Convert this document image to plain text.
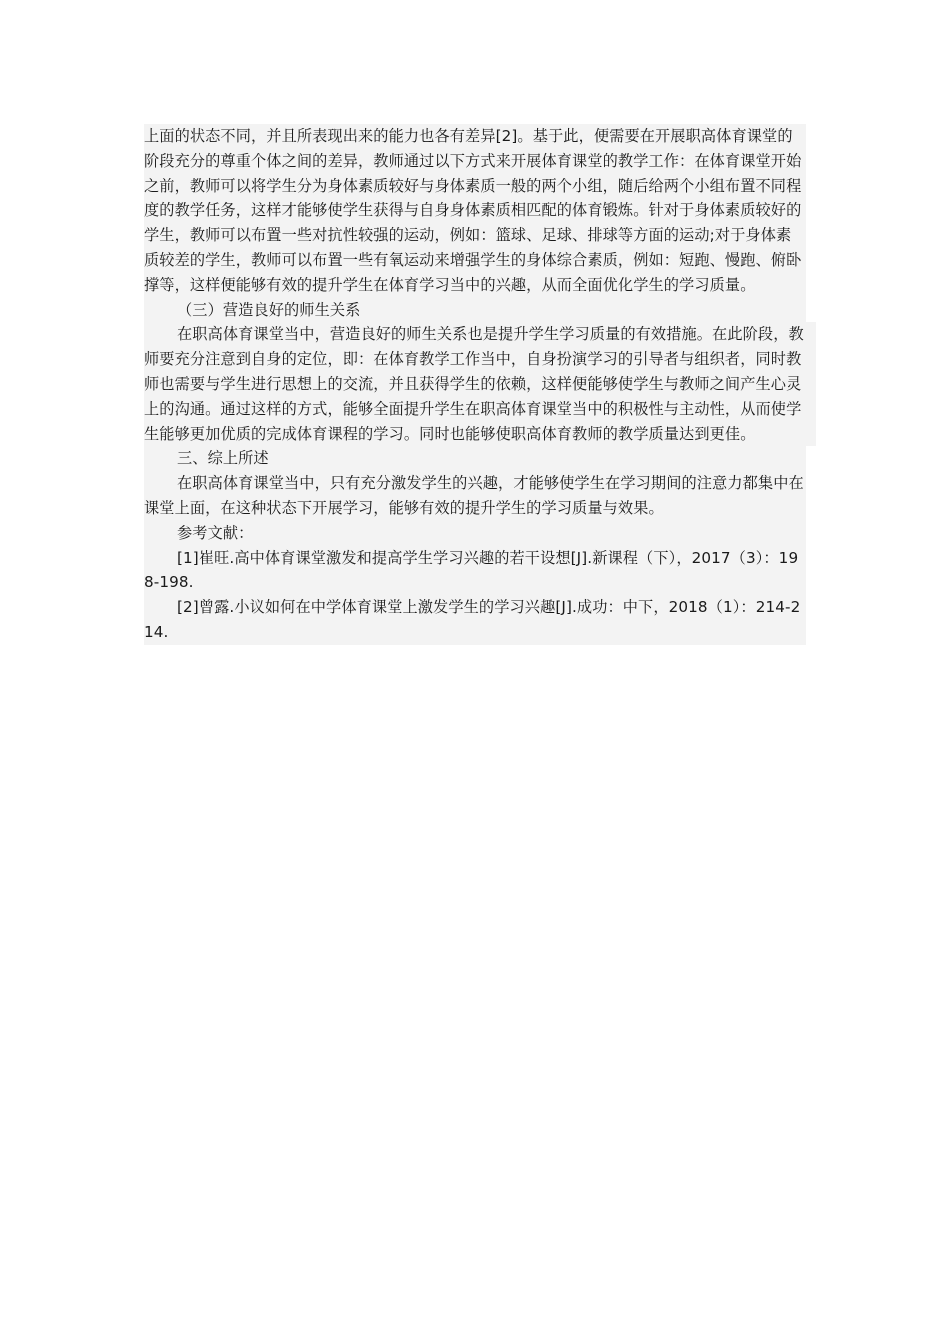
上面的状态不同，并且所表现出来的能力也各有差异[2]。基于此，便需要在开展职高体育课堂的阶段充分的尊重个体之间的差异，教师通过以下方式来开展体育课堂的教学工作：在体育课堂开始之前，教师可以将学生分为身体素质较好与身体素质一般的两个小组，随后给两个小组布置不同程度的教学任务，这样才能够使学生获得与自身身体素质相匹配的体育锻炼。针对于身体素质较好的学生，教师可以布置一些对抗性较强的运动，例如：篮球、足球、排球等方面的运动;对于身体素质较差的学生，教师可以布置一些有氧运动来增强学生的身体综合素质，例如：短跑、慢跑、俯卧撑等，这样便能够有效的提升学生在体育学习当中的兴趣，从而全面优化学生的学习质量。

（三）营造良好的师生关系

在职高体育课堂当中，营造良好的师生关系也是提升学生学习质量的有效措施。在此阶段，教师要充分注意到自身的定位，即：在体育教学工作当中，自身扮演学习的引导者与组织者，同时教师也需要与学生进行思想上的交流，并且获得学生的依赖，这样便能够使学生与教师之间产生心灵上的沟通。通过这样的方式，能够全面提升学生在职高体育课堂当中的积极性与主动性，从而使学生能够更加优质的完成体育课程的学习。同时也能够使职高体育教师的教学质量达到更佳。

三、综上所述

在职高体育课堂当中，只有充分激发学生的兴趣，才能够使学生在学习期间的注意力都集中在课堂上面，在这种状态下开展学习，能够有效的提升学生的学习质量与效果。

参考文献：

[1]崔旺.高中体育课堂激发和提高学生学习兴趣的若干设想[J].新课程（下），2017（3）：198-198.

[2]曾露.小议如何在中学体育课堂上激发学生的学习兴趣[J].成功：中下，2018（1）：214-214.
